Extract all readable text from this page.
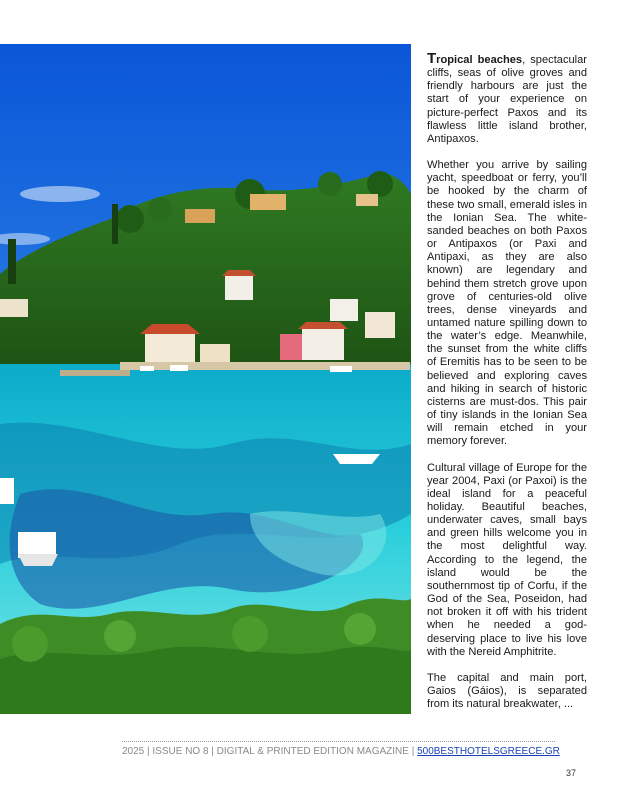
Tropical beaches, spectacular cliffs, seas of olive groves and friendly harbours are just the start of your experience on picture-perfect Paxos and its flawless little island brother, Antipaxos.

Whether you arrive by sailing yacht, speedboat or ferry, you’ll be hooked by the charm of these two small, emerald isles in the Ionian Sea. The white-sanded beaches on both Paxos or Antipaxos (or Paxi and Antipaxi, as they are also known) are legendary and behind them stretch grove upon grove of centuries-old olive trees, dense vineyards and untamed nature spilling down to the water’s edge. Meanwhile, the sunset from the white cliffs of Eremitis has to be seen to be believed and exploring caves and hiking in search of historic cisterns are must-dos. This pair of tiny islands in the Ionian Sea will remain etched in your memory forever.

Cultural village of Europe for the year 2004, Paxi (or Paxoi) is the ideal island for a peaceful holiday. Beautiful beaches, underwater caves, small bays and green hills welcome you in the most delightful way. According to the legend, the island would be the southernmost tip of Corfu, if the God of the Sea, Poseidon, had not broken it off with his trident when he needed a god-deserving place to live his love with the Nereid Amphitrite.

The capital and main port, Gaios (Gáios), is separated from its natural breakwater, ...

2025 | ISSUE NO 8 | DIGITAL & PRINTED EDITION MAGAZINE | 500BESTHOTELSGREECE.GR
37
